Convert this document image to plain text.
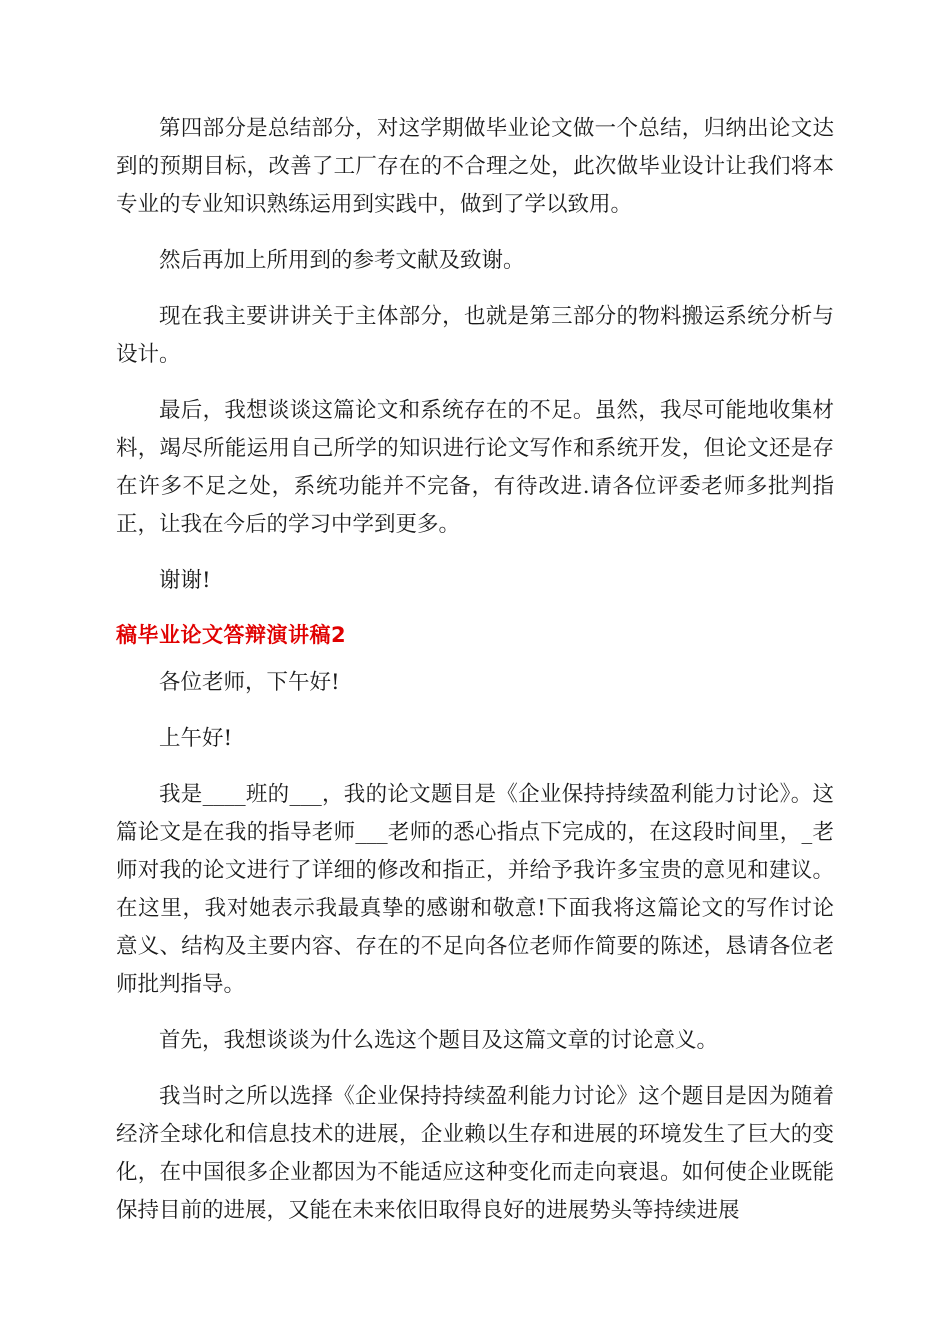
第四部分是总结部分，对这学期做毕业论文做一个总结，归纳出论文达到的预期目标，改善了工厂存在的不合理之处，此次做毕业设计让我们将本专业的专业知识熟练运用到实践中，做到了学以致用。

然后再加上所用到的参考文献及致谢。

现在我主要讲讲关于主体部分，也就是第三部分的物料搬运系统分析与设计。

最后，我想谈谈这篇论文和系统存在的不足。虽然，我尽可能地收集材料，竭尽所能运用自己所学的知识进行论文写作和系统开发，但论文还是存在许多不足之处，系统功能并不完备，有待改进.请各位评委老师多批判指正，让我在今后的学习中学到更多。

谢谢!

稿毕业论文答辩演讲稿2

各位老师，下午好!

上午好!

我是____班的___，我的论文题目是《企业保持持续盈利能力讨论》。这篇论文是在我的指导老师___老师的悉心指点下完成的，在这段时间里，_老师对我的论文进行了详细的修改和指正，并给予我许多宝贵的意见和建议。在这里，我对她表示我最真挚的感谢和敬意!下面我将这篇论文的写作讨论意义、结构及主要内容、存在的不足向各位老师作简要的陈述，恳请各位老师批判指导。

首先，我想谈谈为什么选这个题目及这篇文章的讨论意义。

我当时之所以选择《企业保持持续盈利能力讨论》这个题目是因为随着经济全球化和信息技术的进展，企业赖以生存和进展的环境发生了巨大的变化，在中国很多企业都因为不能适应这种变化而走向衰退。如何使企业既能保持目前的进展，又能在未来依旧取得良好的进展势头等持续进展
